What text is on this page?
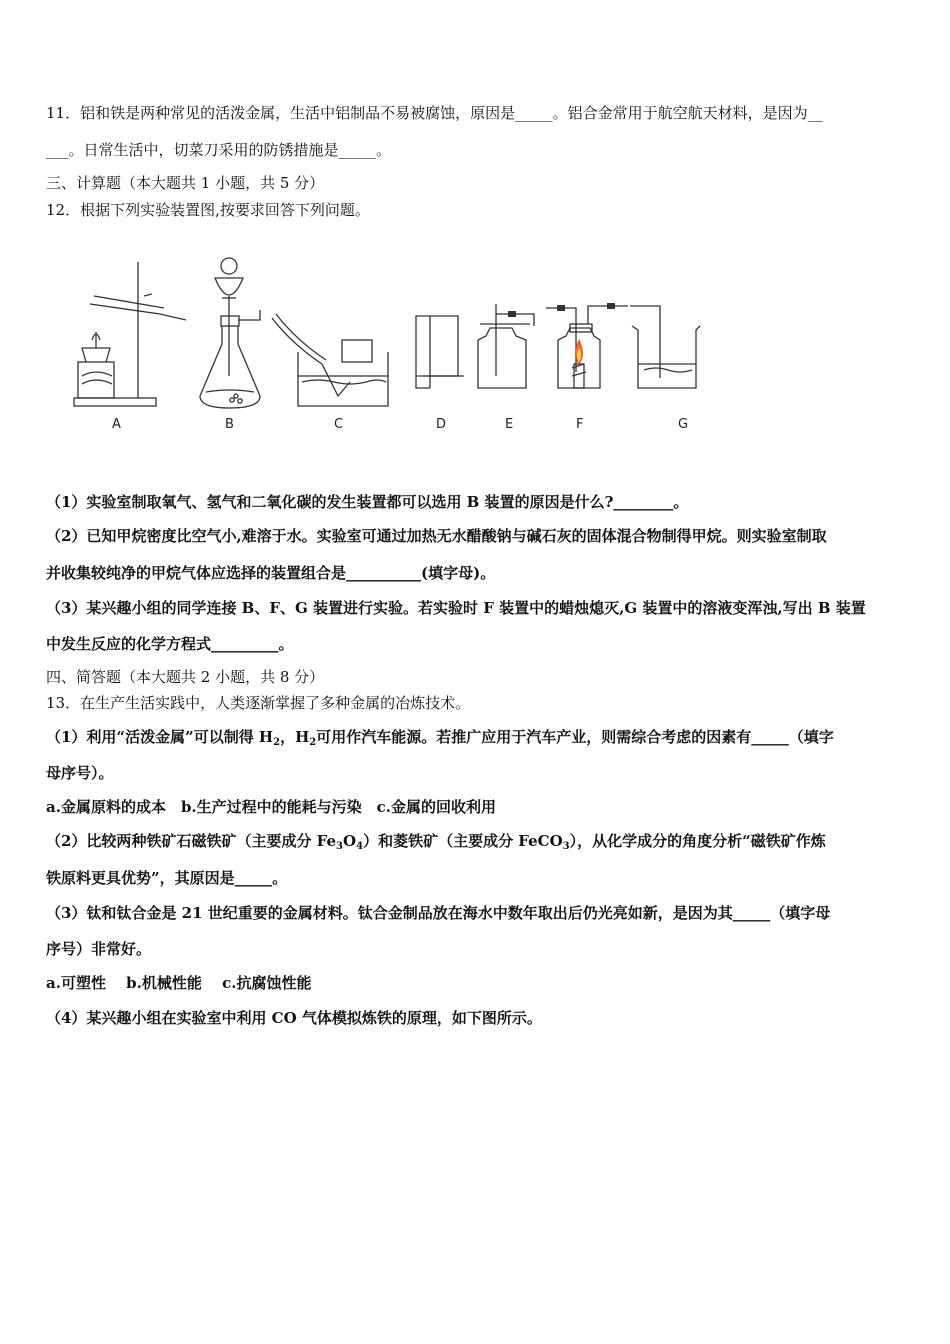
11．铝和铁是两种常见的活泼金属，生活中铝制品不易被腐蚀，原因是_____。铝合金常用于航空航天材料，是因为__
___。日常生活中，切菜刀采用的防锈措施是_____。
三、计算题（本大题共 1 小题，共 5 分）
12．根据下列实验装置图,按要求回答下列问题。
A	B	C	D	E	F	G
（1）实验室制取氧气、氢气和二氧化碳的发生装置都可以选用 B 装置的原因是什么?________。
（2）已知甲烷密度比空气小,难溶于水。实验室可通过加热无水醋酸钠与碱石灰的固体混合物制得甲烷。则实验室制取
并收集较纯净的甲烷气体应选择的装置组合是__________(填字母)。
（3）某兴趣小组的同学连接 B、F、G 装置进行实验。若实验时 F 装置中的蜡烛熄灭,G 装置中的溶液变浑浊,写出 B 装置
中发生反应的化学方程式_________。
四、简答题（本大题共 2 小题，共 8 分）
13．在生产生活实践中，人类逐渐掌握了多种金属的冶炼技术。
（1）利用“活泼金属”可以制得 $H_2$，$H_2$可用作汽车能源。若推广应用于汽车产业，则需综合考虑的因素有_____（填字
母序号）。
a.金属原料的成本　b.生产过程中的能耗与污染　c.金属的回收利用
（2）比较两种铁矿石磁铁矿（主要成分 $Fe_3O_4$）和菱铁矿（主要成分 FeCO$_3$），从化学成分的角度分析“磁铁矿作炼
铁原料更具优势”，其原因是_____。
（3）钛和钛合金是 21 世纪重要的金属材料。钛合金制品放在海水中数年取出后仍光亮如新，是因为其_____（填字母
序号）非常好。
a.可塑性　 b.机械性能　 c.抗腐蚀性能
（4）某兴趣小组在实验室中利用 CO 气体模拟炼铁的原理，如下图所示。
